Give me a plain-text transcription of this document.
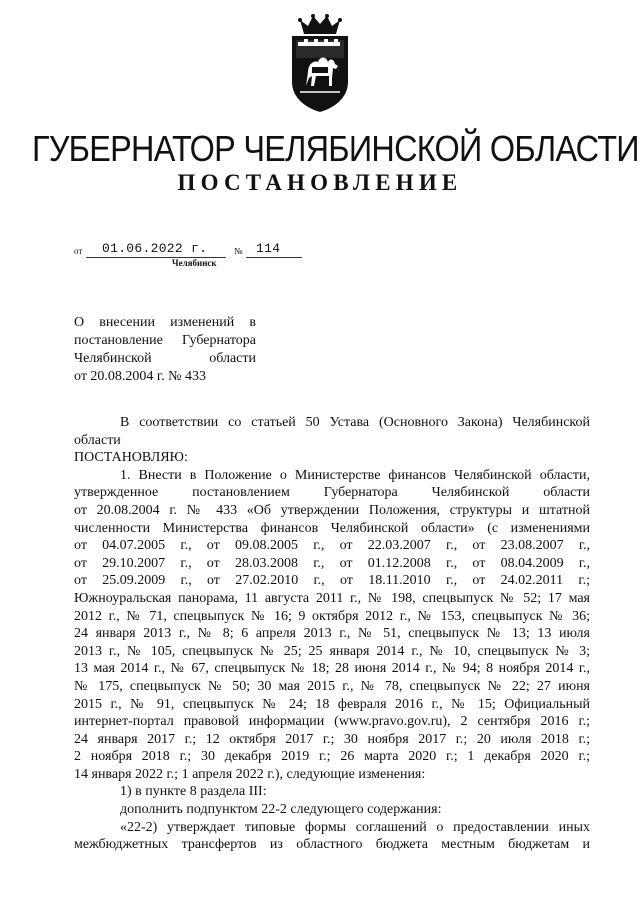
ГУБЕРНАТОР ЧЕЛЯБИНСКОЙ ОБЛАСТИ
ПОСТАНОВЛЕНИЕ
от 01.06.2022 г.	№ 114
Челябинск
О внесении изменений в
постановление Губернатора
Челябинской области
от 20.08.2004 г. № 433
В соответствии со статьей 50 Устава (Основного Закона) Челябинской
области
ПОСТАНОВЛЯЮ:
1. Внести в Положение о Министерстве финансов Челябинской области,
утвержденное постановлением Губернатора Челябинской области
от 20.08.2004 г. № 433 «Об утверждении Положения, структуры и штатной
численности Министерства финансов Челябинской области» (с изменениями
от 04.07.2005 г., от 09.08.2005 г., от 22.03.2007 г., от 23.08.2007 г.,
от 29.10.2007 г., от 28.03.2008 г., от 01.12.2008 г., от 08.04.2009 г.,
от 25.09.2009 г., от 27.02.2010 г., от 18.11.2010 г., от 24.02.2011 г.;
Южноуральская панорама, 11 августа 2011 г., № 198, спецвыпуск № 52; 17 мая
2012 г., № 71, спецвыпуск № 16; 9 октября 2012 г., № 153, спецвыпуск № 36;
24 января 2013 г., № 8; 6 апреля 2013 г., № 51, спецвыпуск № 13; 13 июля
2013 г., № 105, спецвыпуск № 25; 25 января 2014 г., № 10, спецвыпуск № 3;
13 мая 2014 г., № 67, спецвыпуск № 18; 28 июня 2014 г., № 94; 8 ноября 2014 г.,
№ 175, спецвыпуск № 50; 30 мая 2015 г., № 78, спецвыпуск № 22; 27 июня
2015 г., № 91, спецвыпуск № 24; 18 февраля 2016 г., № 15; Официальный
интернет-портал правовой информации (www.pravo.gov.ru), 2 сентября 2016 г.;
24 января 2017 г.; 12 октября 2017 г.; 30 ноября 2017 г.; 20 июля 2018 г.;
2 ноября 2018 г.; 30 декабря 2019 г.; 26 марта 2020 г.; 1 декабря 2020 г.;
14 января 2022 г.; 1 апреля 2022 г.), следующие изменения:
1) в пункте 8 раздела III:
дополнить подпунктом 22-2 следующего содержания:
«22-2) утверждает типовые формы соглашений о предоставлении иных
межбюджетных трансфертов из областного бюджета местным бюджетам и
